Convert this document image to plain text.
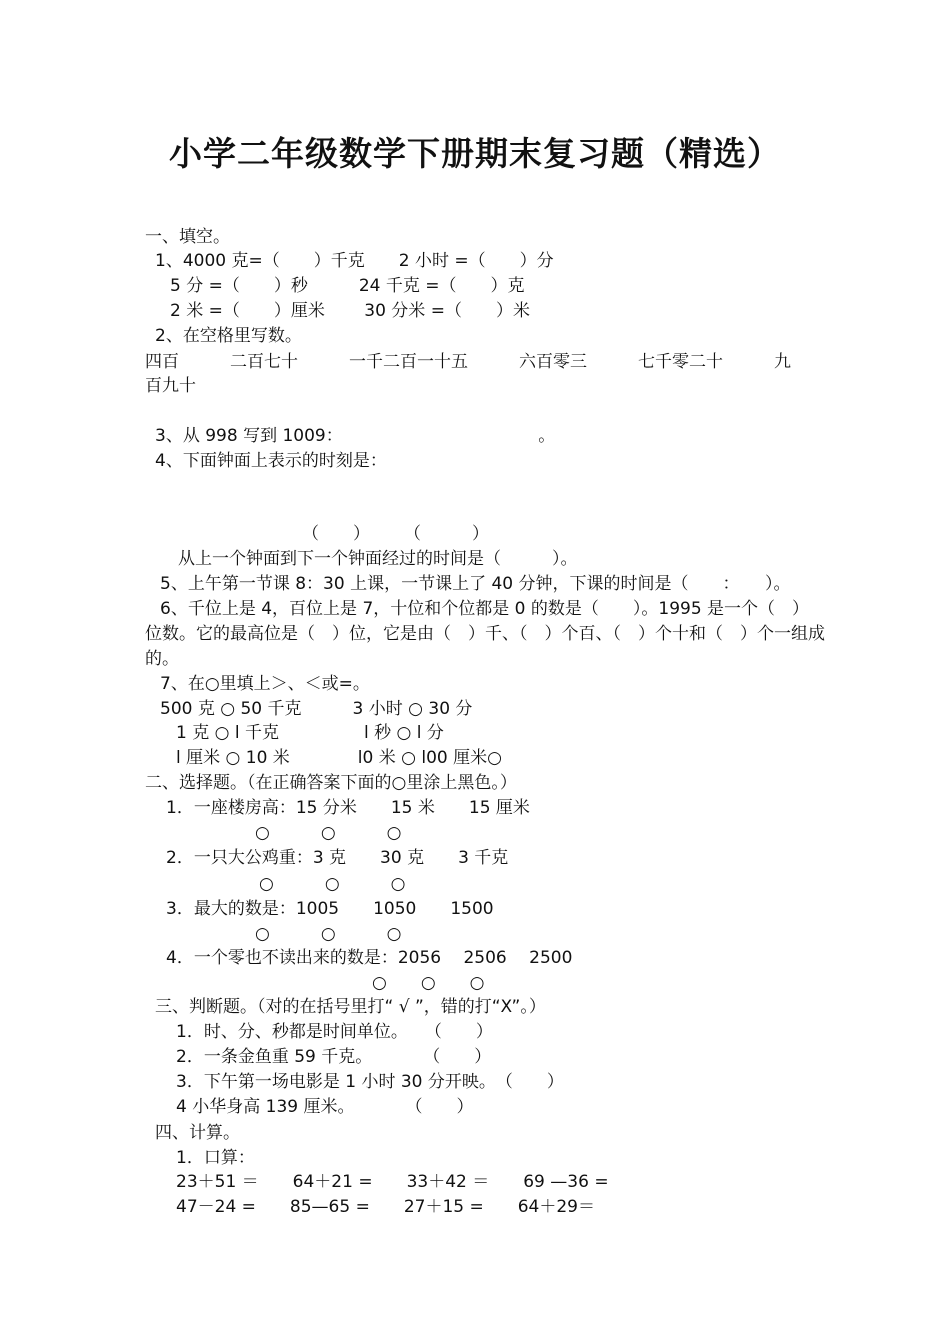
小学二年级数学下册期末复习题（精选）
一、填空。
1、4000 克=（　　）千克　　2 小时 =（　　）分
5 分 =（　　）秒　　　24 千克 =（　　）克
2 米 =（　　）厘米　　 30 分米 =（　　）米
2、在空格里写数。
四百　　　二百七十　　　一千二百一十五　　　六百零三　　　七千零二十　　　九
百九十
3、从 998 写到 1009：　　　　　　　　　　　　。
4、下面钟面上表示的时刻是：
（　　）　　　（　　　）
从上一个钟面到下一个钟面经过的时间是（　　　）。
5、上午第一节课 8：30 上课，一节课上了 40 分钟，下课的时间是（　　：　　）。
6、千位上是 4，百位上是 7，十位和个位都是 0 的数是（　　）。1995 是一个（　）
位数。它的最高位是（　）位，它是由（　）千、（　）个百、（　）个十和（　）个一组成
的。
7、在○里填上＞、＜或=。
500 克 ○ 50 千克　　　3 小时 ○ 30 分
1 克 ○ l 千克　　　　　l 秒 ○ l 分
l 厘米 ○ 10 米　　　　l0 米 ○ l00 厘米○
二、选择题。（在正确答案下面的○里涂上黑色。）
1．一座楼房高：15 分米　　15 米　　15 厘米
○　　　○　　　○
2．一只大公鸡重：3 克　　30 克　　3 千克
○　　　○　　　○
3．最大的数是：1005　　1050　　1500
○　　　○　　　○
4．一个零也不读出来的数是：2056　 2506　 2500
○　　○　　○
三、判断题。（对的在括号里打“ √ ”，错的打“X”。）
1．时、分、秒都是时间单位。　　（　　）
2．一条金鱼重 59 千克。　　　　（　　）
3．下午第一场电影是 1 小时 30 分开映。　（　　）
4 小华身高 139 厘米。　　　　（　　）
四、计算。
1．口算：
23＋51 ＝　　64＋21 =　　33＋42 ＝　　69 —36 =
47－24 =　　85—65 =　　27＋15 =　　64＋29＝
